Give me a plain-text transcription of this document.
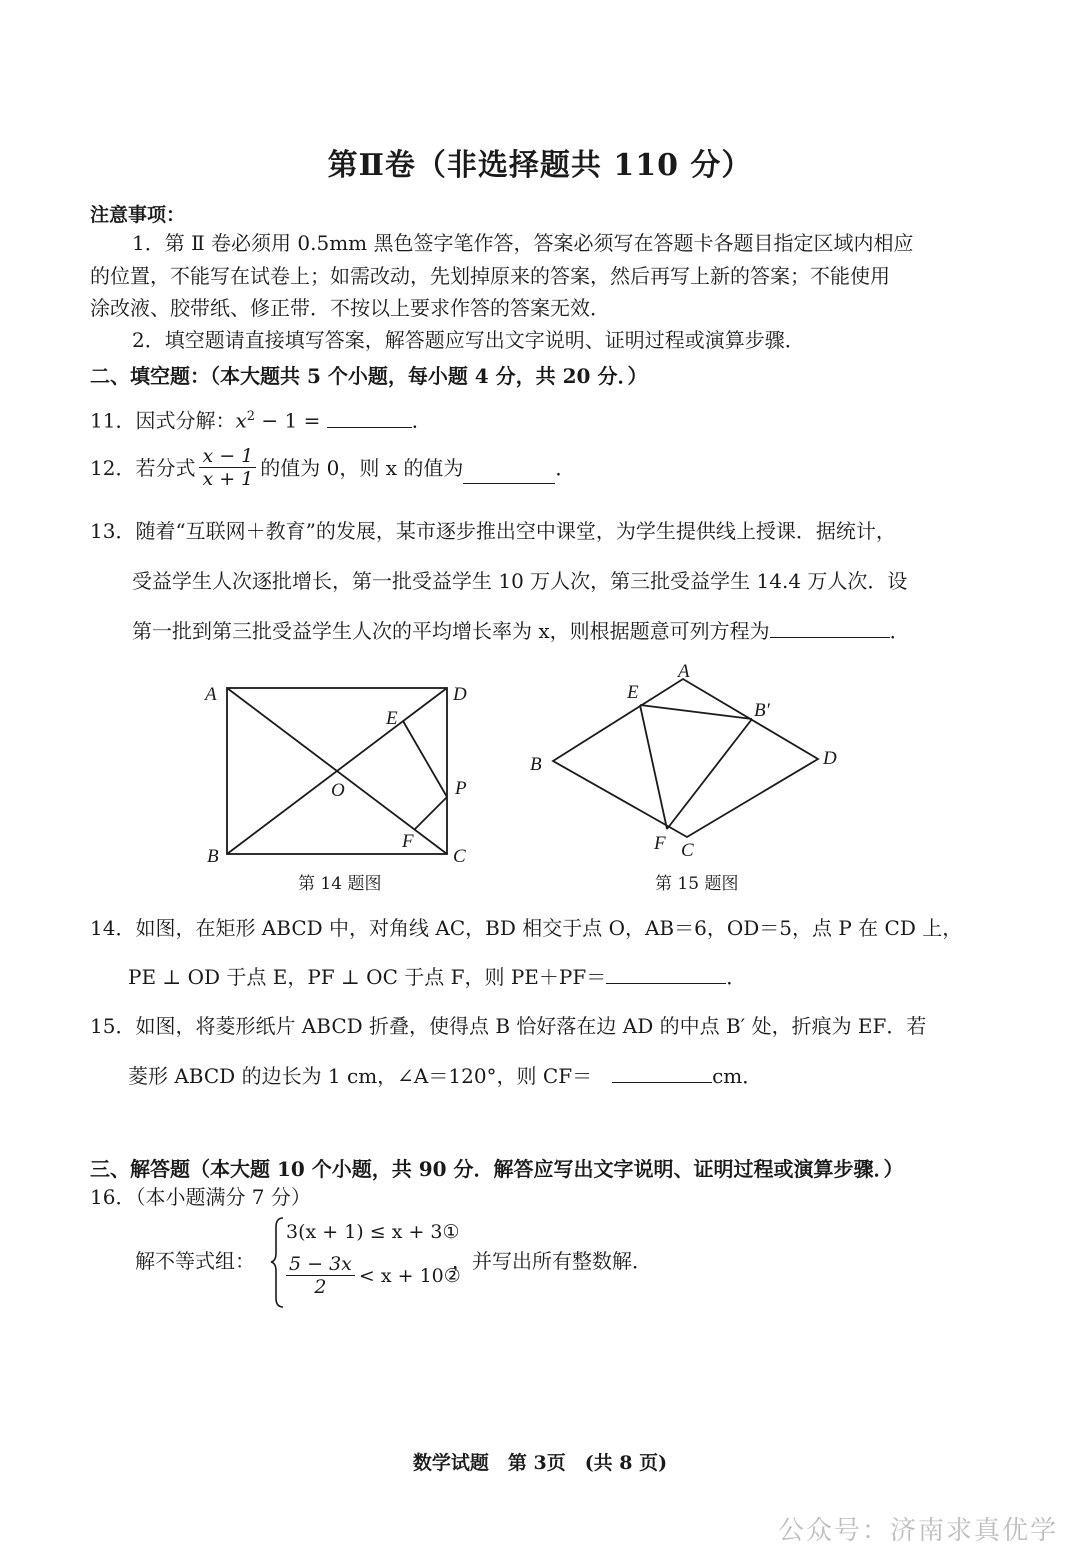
第Ⅱ卷（非选择题共 110 分）
注意事项：
1．第 Ⅱ 卷必须用 0.5mm 黑色签字笔作答，答案必须写在答题卡各题目指定区域内相应
的位置，不能写在试卷上；如需改动，先划掉原来的答案，然后再写上新的答案；不能使用
涂改液、胶带纸、修正带．不按以上要求作答的答案无效．
2．填空题请直接填写答案，解答题应写出文字说明、证明过程或演算步骤．
二、填空题：（本大题共 5 个小题，每小题 4 分，共 20 分．）
11．因式分解：$x^2 - 1$ =	．
12．若分式 $\frac{x - 1}{x + 1}$ 的值为 0，则 x 的值为	．
13．随着“互联网＋教育”的发展，某市逐步推出空中课堂，为学生提供线上授课．据统计，
受益学生人次逐批增长，第一批受益学生 10 万人次，第三批受益学生 14.4 万人次．设
第一批到第三批受益学生人次的平均增长率为 x，则根据题意可列方程为	．
A	D
B	C
O
E
F
P
第 14 题图
A
E
B′
B	D
F C
第 15 题图
14．如图，在矩形 ABCD 中，对角线 AC，BD 相交于点 O，AB＝6，OD＝5，点 P 在 CD 上，
PE ⊥ OD 于点 E，PF ⊥ OC 于点 F，则 PE＋PF＝	．
15．如图，将菱形纸片 ABCD 折叠，使得点 B 恰好落在边 AD 的中点 B′ 处，折痕为 EF．若
菱形 ABCD 的边长为 1 cm，∠A＝120°，则 CF＝　	cm．
三、解答题（本大题 10 个小题，共 90 分．解答应写出文字说明、证明过程或演算步骤．）
16．（本小题满分 7 分）
解不等式组：
3(x + 1) ≤ x + 3①
$\frac{5 - 3x}{2} < x$ + 10②
，并写出所有整数解．
数学试题　第 3页　(共 8 页)
公众号：济南求真优学
